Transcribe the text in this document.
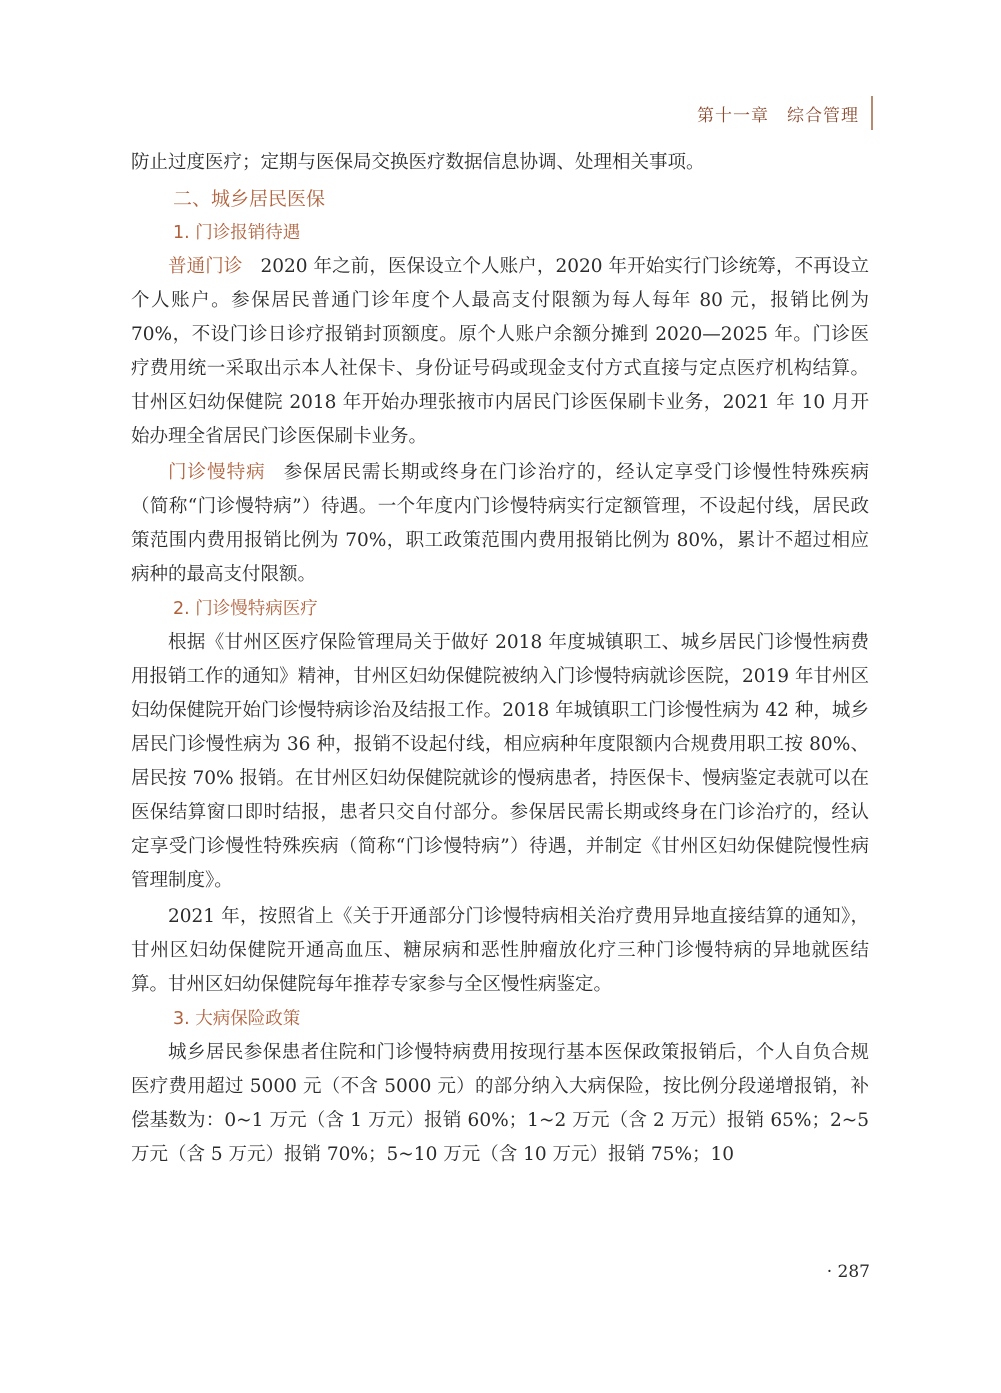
第十一章　综合管理

防止过度医疗；定期与医保局交换医疗数据信息协调、处理相关事项。

二、城乡居民医保
1. 门诊报销待遇

普通门诊 2020 年之前，医保设立个人账户，2020 年开始实行门诊统筹，不再设立个人账户。参保居民普通门诊年度个人最高支付限额为每人每年 80 元，报销比例为 70%，不设门诊日诊疗报销封顶额度。原个人账户余额分摊到 2020—2025 年。门诊医疗费用统一采取出示本人社保卡、身份证号码或现金支付方式直接与定点医疗机构结算。甘州区妇幼保健院 2018 年开始办理张掖市内居民门诊医保刷卡业务，2021 年 10 月开始办理全省居民门诊医保刷卡业务。

门诊慢特病 参保居民需长期或终身在门诊治疗的，经认定享受门诊慢性特殊疾病（简称“门诊慢特病”）待遇。一个年度内门诊慢特病实行定额管理，不设起付线，居民政策范围内费用报销比例为 70%，职工政策范围内费用报销比例为 80%，累计不超过相应病种的最高支付限额。

2. 门诊慢特病医疗

根据《甘州区医疗保险管理局关于做好 2018 年度城镇职工、城乡居民门诊慢性病费用报销工作的通知》精神，甘州区妇幼保健院被纳入门诊慢特病就诊医院，2019 年甘州区妇幼保健院开始门诊慢特病诊治及结报工作。2018 年城镇职工门诊慢性病为 42 种，城乡居民门诊慢性病为 36 种，报销不设起付线，相应病种年度限额内合规费用职工按 80%、居民按 70% 报销。在甘州区妇幼保健院就诊的慢病患者，持医保卡、慢病鉴定表就可以在医保结算窗口即时结报，患者只交自付部分。参保居民需长期或终身在门诊治疗的，经认定享受门诊慢性特殊疾病（简称“门诊慢特病”）待遇，并制定《甘州区妇幼保健院慢性病管理制度》。

2021 年，按照省上《关于开通部分门诊慢特病相关治疗费用异地直接结算的通知》，甘州区妇幼保健院开通高血压、糖尿病和恶性肿瘤放化疗三种门诊慢特病的异地就医结算。甘州区妇幼保健院每年推荐专家参与全区慢性病鉴定。

3. 大病保险政策

城乡居民参保患者住院和门诊慢特病费用按现行基本医保政策报销后，个人自负合规医疗费用超过 5000 元（不含 5000 元）的部分纳入大病保险，按比例分段递增报销，补偿基数为：0~1 万元（含 1 万元）报销 60%；1~2 万元（含 2 万元）报销 65%；2~5 万元（含 5 万元）报销 70%；5~10 万元（含 10 万元）报销 75%；10

· 287
